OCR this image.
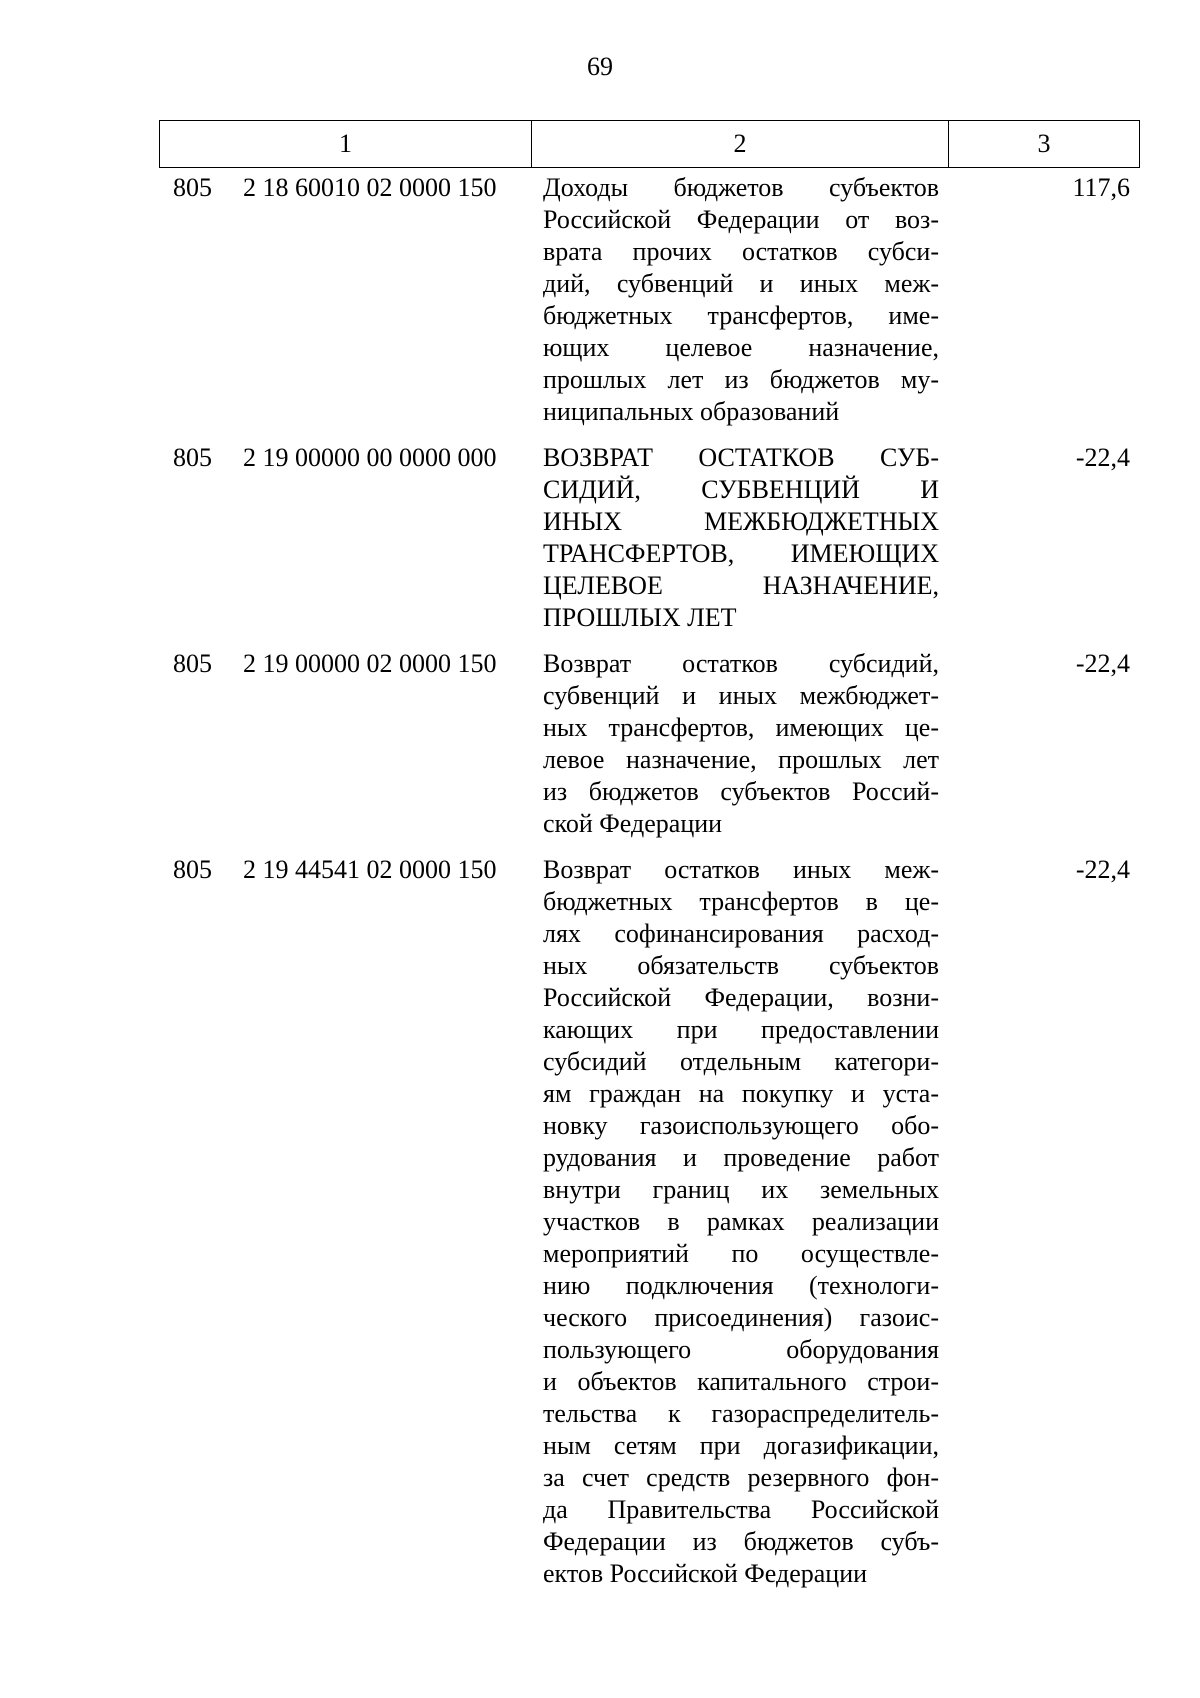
69
1	2	3
805 2 18 60010 02 0000 150 Доходы бюджетов субъектов
Российской Федерации от воз-
врата прочих остатков субси-
дий, субвенций и иных меж-
бюджетных трансфертов, име-
ющих целевое назначение,
прошлых лет из бюджетов му-
ниципальных образований
117,6
805 2 19 00000 00 0000 000 ВОЗВРАТ ОСТАТКОВ СУБ-
СИДИЙ, СУБВЕНЦИЙ И
ИНЫХ МЕЖБЮДЖЕТНЫХ
ТРАНСФЕРТОВ, ИМЕЮЩИХ
ЦЕЛЕВОЕ НАЗНАЧЕНИЕ,
ПРОШЛЫХ ЛЕТ
-22,4
805 2 19 00000 02 0000 150 Возврат остатков субсидий,
субвенций и иных межбюджет-
ных трансфертов, имеющих це-
левое назначение, прошлых лет
из бюджетов субъектов Россий-
ской Федерации
-22,4
805 2 19 44541 02 0000 150 Возврат остатков иных меж-
бюджетных трансфертов в це-
лях софинансирования расход-
ных обязательств субъектов
Российской Федерации, возни-
кающих при предоставлении
субсидий отдельным категори-
ям граждан на покупку и уста-
новку газоиспользующего обо-
рудования и проведение работ
внутри границ их земельных
участков в рамках реализации
мероприятий по осуществле-
нию подключения (технологи-
ческого присоединения) газоис-
пользующего оборудования
и объектов капитального строи-
тельства к газораспределитель-
ным сетям при догазификации,
за счет средств резервного фон-
да Правительства Российской
Федерации из бюджетов субъ-
ектов Российской Федерации
-22,4
